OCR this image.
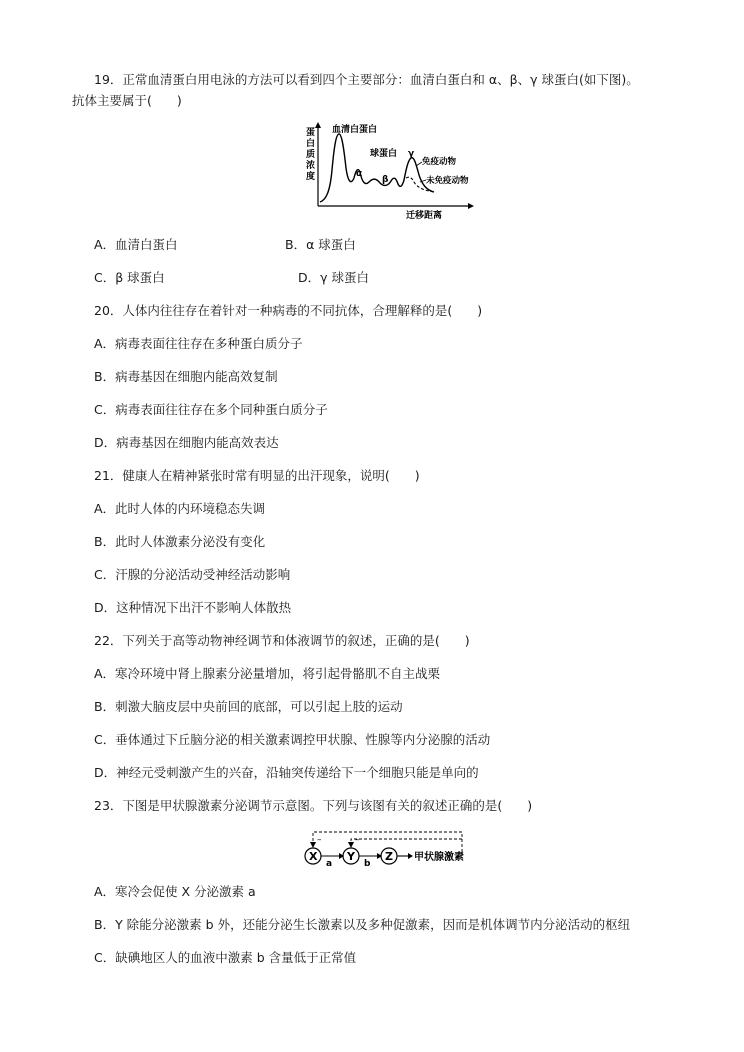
19．正常血清蛋白用电泳的方法可以看到四个主要部分：血清白蛋白和 α、β、γ 球蛋白(如下图)。
抗体主要属于(　　)
蛋
白
质
浓
度
血清白蛋白
球蛋白
α
β
γ
免疫动物
未免疫动物
迁移距离
A．血清白蛋白	B．α 球蛋白
C．β 球蛋白	D．γ 球蛋白
20．人体内往往存在着针对一种病毒的不同抗体，合理解释的是(　　)
A．病毒表面往往存在多种蛋白质分子
B．病毒基因在细胞内能高效复制
C．病毒表面往往存在多个同种蛋白质分子
D．病毒基因在细胞内能高效表达
21．健康人在精神紧张时常有明显的出汗现象，说明(　　)
A．此时人体的内环境稳态失调
B．此时人体激素分泌没有变化
C．汗腺的分泌活动受神经活动影响
D．这种情况下出汗不影响人体散热
22．下列关于高等动物神经调节和体液调节的叙述，正确的是(　　)
A．寒冷环境中肾上腺素分泌量增加，将引起骨骼肌不自主战栗
B．刺激大脑皮层中央前回的底部，可以引起上肢的运动
C．垂体通过下丘脑分泌的相关激素调控甲状腺、性腺等内分泌腺的活动
D．神经元受刺激产生的兴奋，沿轴突传递给下一个细胞只能是单向的
23．下图是甲状腺激素分泌调节示意图。下列与该图有关的叙述正确的是(　　)
–	–
X	Y	Z
a	b
甲状腺激素
A．寒冷会促使 X 分泌激素 a
B．Y 除能分泌激素 b 外，还能分泌生长激素以及多种促激素，因而是机体调节内分泌活动的枢纽
C．缺碘地区人的血液中激素 b 含量低于正常值
